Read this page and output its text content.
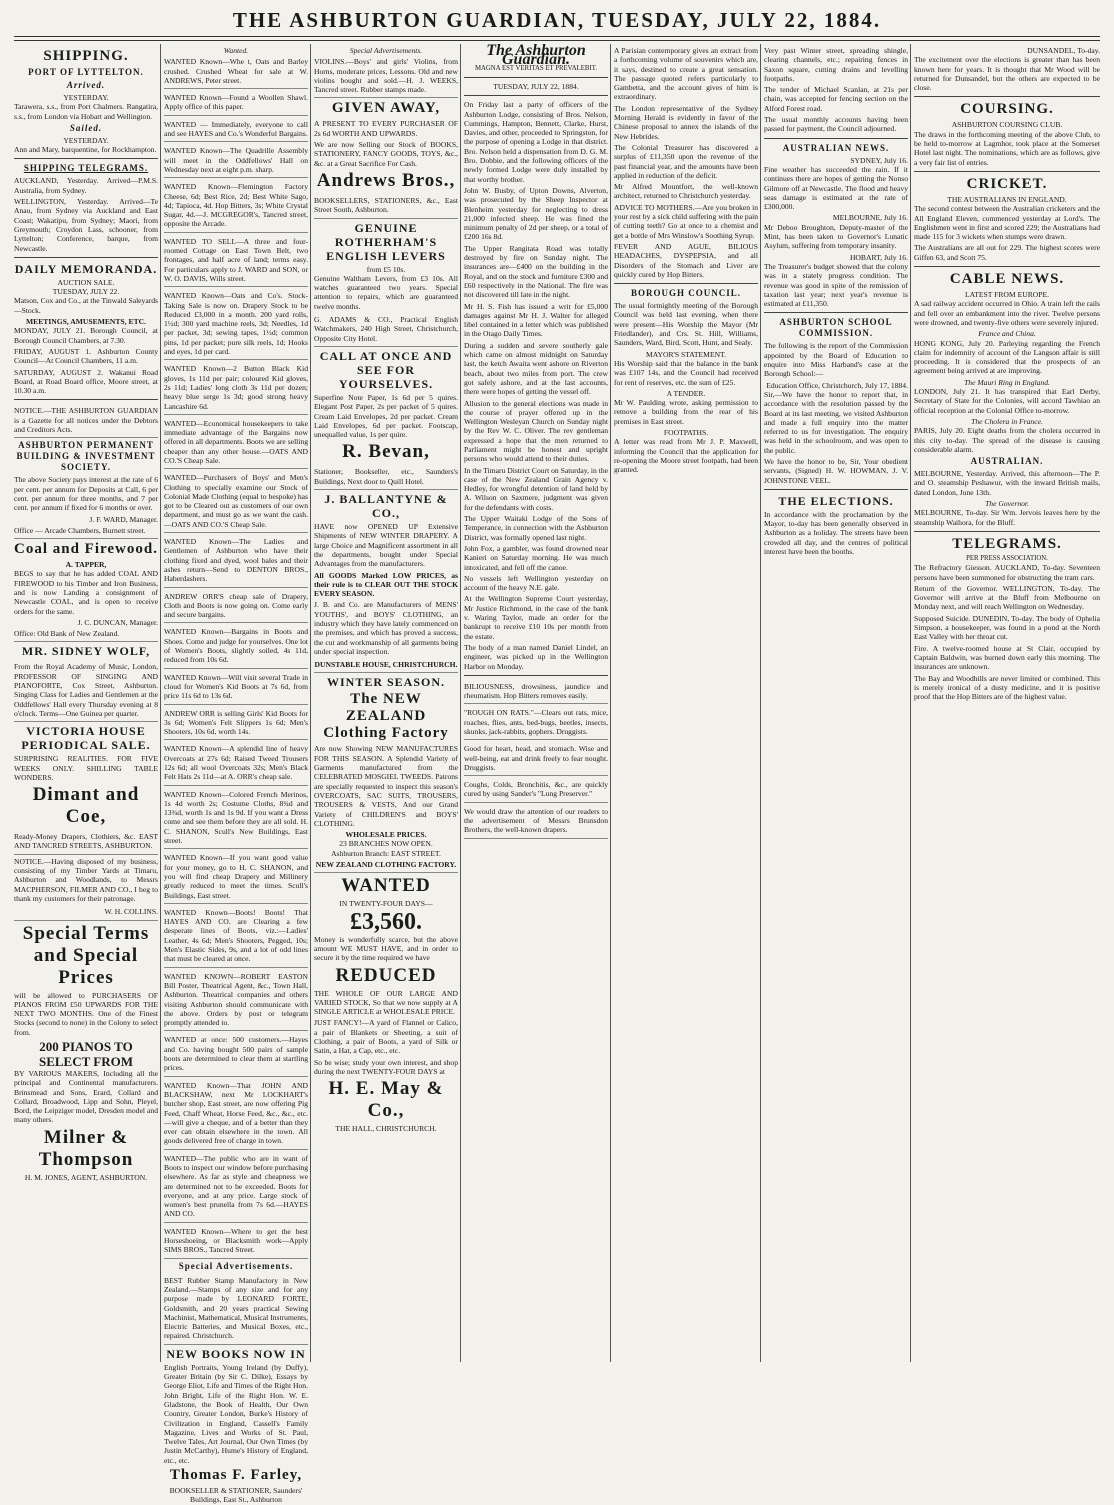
THE ASHBURTON GUARDIAN, TUESDAY, JULY 22, 1884.
SHIPPING.
PORT OF LYTTELTON.
Arrived.
YESTERDAY.

Tarawera, s.s., from Port Chalmers. Rangatira, s.s., from London via Hobart and Wellington.

Sailed.
YESTERDAY.

Ann and Mary, barquentine, for Rockhampton.

SHIPPING TELEGRAMS.

AUCKLAND, Yesterday. Arrived—P.M.S. Australia, from Sydney.

WELLINGTON, Yesterday. Arrived—Te Anau, from Sydney via Auckland and East Coast; Wakatipu, from Sydney; Maori, from Greymouth; Croydon Lass, schooner, from Lyttelton; Conference, barque, from Newcastle.

DAILY MEMORANDA.
AUCTION SALE.
TUESDAY, JULY 22.

Matson, Cox and Co., at the Tinwald Saleyards—Stock.

MEETINGS, AMUSEMENTS, ETC.

MONDAY, JULY 21. Borough Council, at Borough Council Chambers, at 7.30.

FRIDAY, AUGUST 1. Ashburton County Council—At Council Chambers, 11 a.m.

SATURDAY, AUGUST 2. Wakanui Road Board, at Road Board office, Moore street, at 10.30 a.m.

NOTICE.—THE ASHBURTON GUARDIAN is a Gazette for all notices under the Debtors and Creditors Acts.

ASHBURTON PERMANENT BUILDING & INVESTMENT SOCIETY.

The above Society pays interest at the rate of 6 per cent. per annum for Deposits at Call, 6 per cent. per annum for three months, and 7 per cent. per annum if fixed for 6 months or over.

J. F. WARD, Manager.

Office — Arcade Chambers, Burnett street.

Coal and Firewood.
A. TAPPER,

BEGS to say that he has added COAL AND FIREWOOD to his Timber and Iron Business, and is now Landing a consignment of Newcastle COAL, and is open to receive orders for the same.

J. C. DUNCAN, Manager.

Office: Old Bank of New Zealand.

MR. SIDNEY WOLF,

From the Royal Academy of Music, London, PROFESSOR OF SINGING AND PIANOFORTE, Cox Street, Ashburton. Singing Class for Ladies and Gentlemen at the Oddfellows' Hall every Thursday evening at 8 o'clock. Terms—One Guinea per quarter.

VICTORIA HOUSE PERIODICAL SALE.

SURPRISING REALITIES. FOR FIVE WEEKS ONLY. SHILLING TABLE WONDERS.

Dimant and Coe,

Ready-Money Drapers, Clothiers, &c. EAST AND TANCRED STREETS, ASHBURTON.

NOTICE.—Having disposed of my business, consisting of my Timber Yards at Timaru, Ashburton and Woodlands, to Messrs MACPHERSON, FILMER AND CO., I beg to thank my customers for their patronage.

W. H. COLLINS.
Special Terms and Special Prices

will be allowed to PURCHASERS OF PIANOS FROM £50 UPWARDS FOR THE NEXT TWO MONTHS. One of the Finest Stocks (second to none) in the Colony to select from.

200 PIANOS TO SELECT FROM

BY VARIOUS MAKERS, Including all the principal and Continental manufacturers. Brinsmead and Sons, Erard, Collard and Collard, Broadwood, Lipp and Sohn, Pleyel, Bord, the Leipziger model, Dresden model and many others.

Milner & Thompson
H. M. JONES, AGENT, ASHBURTON.
Wanted.

WANTED Known—Whe t, Oats and Barley crushed. Crushed Wheat for sale at W. ANDREWS, Peter street.

WANTED Known—Found a Woollen Shawl. Apply office of this paper.

WANTED — Immediately, everyone to call and see HAYES and Co.'s Wonderful Bargains.

WANTED Known—The Quadrille Assembly will meet in the Oddfellows' Hall on Wednesday next at eight p.m. sharp.

WANTED Known—Flemington Factory Cheese, 6d; Best Rice, 2d; Best White Sago, 4d; Tapioca, 4d. Hop Bitters, 3s; White Crystal Sugar, 4d.—J. MCGREGOR's, Tancred street, opposite the Arcade.

WANTED TO SELL—A three and four-roomed Cottage on East Town Belt, two frontages, and half acre of land; terms easy. For particulars apply to J. WARD and SON, or W. O. DAVIS, Wills street.

WANTED Known—Oats and Co's. Stock-Taking Sale is now on. Drapery Stock to be Reduced £3,000 in a month. 200 yard rolls, 1½d; 300 yard machine reels, 3d; Needles, 1d per packet, 3d; sewing tapes, 1½d; common pins, 1d per packet; pure silk reels, 1d; Hooks and eyes, 1d per card.

WANTED Known—2 Button Black Kid gloves, 1s 11d per pair; coloured Kid gloves, 2s 11d; Ladies' long cloth 3s 11d per dozen; heavy blue serge 1s 3d; good strong heavy Lancashire 6d.

WANTED—Economical housekeepers to take immediate advantage of the Bargains now offered in all departments. Boots we are selling cheaper than any other house.—OATS AND CO.'S Cheap Sale.

WANTED—Purchasers of Boys' and Men's Clothing to specially examine our Stock of Colonial Made Clothing (equal to bespoke) has got to be Cleared out as customers of our own department, and must go as we want the cash.—OATS AND CO.'S Cheap Sale.

WANTED Known—The Ladies and Gentlemen of Ashburton who have their clothing fixed and dyed, wool bales and their ashes return—Send to DENTON BROS., Haberdashers.

ANDREW ORR'S cheap sale of Drapery, Cloth and Boots is now going on. Come early and secure bargains.

WANTED Known—Bargains in Boots and Shoes. Come and judge for yourselves. One lot of Women's Boots, slightly soiled, 4s 11d, reduced from 10s 6d.

WANTED Known—Will visit several Trade in cloud for Women's Kid Boots at 7s 6d, from price 11s 6d to 13s 6d.

ANDREW ORR is selling Girls' Kid Boots for 3s 6d; Women's Felt Slippers 1s 6d; Men's Shooters, 10s 6d, worth 14s.

WANTED Known—A splendid line of heavy Overcoats at 27s 6d; Raised Tweed Trousers 12s 6d; all wool Overcoats 32s; Men's Black Felt Hats 2s 11d—at A. ORR's cheap sale.

WANTED Known—Colored French Merinos, 1s 4d worth 2s; Costume Cloths, 8¾d and 13¾d, worth 1s and 1s 9d. If you want a Dress come and see them before they are all sold. H. C. SHANON, Scull's New Buildings, East street.

WANTED Known—If you want good value for your money, go to H. C. SHANON, and you will find cheap Drapery and Millinery greatly reduced to meet the times. Scull's Buildings, East street.

WANTED Known—Boots! Boots! That HAYES AND CO. are Clearing a few desperate lines of Boots, viz.:—Ladies' Leather, 4s 6d; Men's Shooters, Pegged, 10s; Men's Elastic Sides, 9s, and a lot of odd lines that must be cleared at once.

WANTED KNOWN—ROBERT EASTON Bill Poster, Theatrical Agent, &c., Town Hall, Ashburton. Theatrical companies and others visiting Ashburton should communicate with the above. Orders by post or telegram promptly attended to.

WANTED at once: 500 customers.—Hayes and Co. having bought 500 pairs of sample boots are determined to clear them at startling prices.

WANTED Known—That JOHN AND BLACKSHAW, next Mr LOCKHART's butcher shop, East street, are now offering Pig Feed, Chaff Wheat, Horse Feed, &c., &c., etc.—will give a cheque, and of a better than they ever can obtain elsewhere in the town. All goods delivered free of charge in town.

WANTED—The public who are in want of Boots to inspect our window before purchasing elsewhere. As far as style and cheapness we are determined not to be exceeded. Boots for everyone, and at any price. Large stock of women's best prunella from 7s 6d.—HAYES AND CO.

WANTED Known—Where to get the best Horseshoeing, or Blacksmith work—Apply SIMS BROS., Tancred Street.

Special Advertisements.

BEST Rubber Stamp Manufactory in New Zealand.—Stamps of any size and for any purpose made by LEONARD FORTE, Goldsmith, and 20 years practical Sewing Machinist, Mathematical, Musical Instruments, Electric Batteries, and Musical Boxes, etc., repaired. Christchurch.

NEW BOOKS NOW IN

English Portraits, Young Ireland (by Duffy), Greater Britain (by Sir C. Dilke), Essays by George Eliot, Life and Times of the Right Hon. John Bright, Life of the Right Hon. W. E. Gladstone, the Book of Health, Our Own Country, Greater London, Burke's History of Civilization in England, Cassell's Family Magazine, Lives and Works of St. Paul, Twelve Tales, Art Journal, Our Own Times (by Justin McCarthy), Hume's History of England, etc., etc.

Thomas F. Farley,
BOOKSELLER & STATIONER, Saunders' Buildings, East St., Ashburton
Special Advertisements.

VIOLINS.—Boys' and girls' Violins, from Horns, moderate prices, Lessons. Old and new violins bought and sold.—H. J. WEEKS, Tancred street. Rubber stamps made.

GIVEN AWAY,

A PRESENT TO EVERY PURCHASER OF 2s 6d WORTH AND UPWARDS.

We are now Selling our Stock of BOOKS, STATIONERY, FANCY GOODS, TOYS, &c., &c. at a Great Sacrifice For Cash.

Andrews Bros.,

BOOKSELLERS, STATIONERS, &c., East Street South, Ashburton.

GENUINE ROTHERHAM'S ENGLISH LEVERS
from £5 10s.

Genuine Waltham Levers, from £3 10s. All watches guaranteed two years. Special attention to repairs, which are guaranteed twelve months.

G. ADAMS & CO., Practical English Watchmakers, 240 High Street, Christchurch, Opposite City Hotel.

CALL AT ONCE AND SEE FOR YOURSELVES.

Superfine Note Paper, 1s 6d per 5 quires. Elegant Post Paper, 2s per packet of 5 quires. Cream Laid Envelopes, 2d per packet. Cream Laid Envelopes, 6d per packet. Footscap, unequalled value, 1s per quire.

R. Bevan,

Stationer, Bookseller, etc., Saunders's Buildings, Next door to Quill Hotel.

J. BALLANTYNE & CO.,

HAVE now OPENED UP Extensive Shipments of NEW WINTER DRAPERY. A large Choice and Magnificent assortment in all the departments, bought under Special Advantages from the manufacturers.

All GOODS Marked LOW PRICES, as their rule is to CLEAR OUT THE STOCK EVERY SEASON.

J. B. and Co. are Manufacturers of MENS' YOUTHS', and BOYS' CLOTHING, an industry which they have lately commenced on the premises, and which has proved a success, the cut and workmanship of all garments being under special inspection.

DUNSTABLE HOUSE, CHRISTCHURCH.
WINTER SEASON.
The NEW ZEALAND Clothing Factory

Are now Showing NEW MANUFACTURES FOR THIS SEASON. A Splendid Variety of Garments manufactured from the CELEBRATED MOSGIEL TWEEDS. Patrons are specially requested to inspect this season's OVERCOATS, SAC SUITS, TROUSERS, TROUSERS & VESTS, And our Grand Variety of CHILDREN'S and BOYS' CLOTHING.

WHOLESALE PRICES.
23 BRANCHES NOW OPEN.
Ashburton Branch: EAST STREET.
NEW ZEALAND CLOTHING FACTORY.
WANTED
IN TWENTY-FOUR DAYS—
£3,560.

Money is wonderfully scarce, but the above amount WE MUST HAVE, and in order to secure it by the time required we have

REDUCED

THE WHOLE OF OUR LARGE AND VARIED STOCK, So that we now supply at A SINGLE ARTICLE at WHOLESALE PRICE.

JUST FANCY!—A yard of Flannel or Calico, a pair of Blankets or Sheeting, a suit of Clothing, a pair of Boots, a yard of Silk or Satin, a Hat, a Cap, etc., etc.

So be wise; study your own interest, and shop during the next TWENTY-FOUR DAYS at

H. E. May & Co.,
THE HALL, CHRISTCHURCH.
The Ashburton Guardian.
MAGNA EST VERITAS ET PREVALEBIT.
TUESDAY, JULY 22, 1884.

On Friday last a party of officers of the Ashburton Lodge, consisting of Bros. Nelson, Cummings, Hampton, Bennett, Clarke, Hurst, Davies, and other, proceeded to Springston, for the purpose of opening a Lodge in that district. Bro. Nelson held a dispensation from D. G. M. Bro. Dobbie, and the following officers of the newly formed Lodge were duly installed by that worthy brother.

John W. Busby, of Upton Downs, Alverton, was prosecuted by the Sheep Inspector at Blenheim yesterday for neglecting to dress 21,000 infected sheep. He was fined the minimum penalty of 2d per sheep, or a total of £200 16s 8d.

The Upper Rangitata Road was totally destroyed by fire on Sunday night. The insurances are—£400 on the building in the Royal, and on the stock and furniture £300 and £60 respectively in the National. The fire was not discovered till late in the night.

Mr H. S. Fish has issued a writ for £5,000 damages against Mr H. J. Walter for alleged libel contained in a letter which was published in the Otago Daily Times.

During a sudden and severe southerly gale which came on almost midnight on Saturday last, the ketch Awaita went ashore on Riverton beach, about two miles from port. The crew got safely ashore, and at the last accounts, there were hopes of getting the vessel off.

Allusion to the general elections was made in the course of prayer offered up in the Wellington Wesleyan Church on Sunday night by the Rev W. C. Oliver. The rev gentleman expressed a hope that the men returned to Parliament might be honest and upright persons who would attend to their duties.

In the Timaru District Court on Saturday, in the case of the New Zealand Grain Agency v. Hedley, for wrongful detention of land held by A. Wilson on Saxmere, judgment was given for the defendants with costs.

The Upper Waitaki Lodge of the Sons of Temperance, in connection with the Ashburton District, was formally opened last night.

John Fox, a gambler, was found drowned near Kanieri on Saturday morning. He was much intoxicated, and fell off the canoe.

No vessels left Wellington yesterday on account of the heavy N.E. gale.

At the Wellington Supreme Court yesterday, Mr Justice Richmond, in the case of the bank v. Waring Taylor, made an order for the bankrupt to receive £10 10s per month from the estate.

The body of a man named Daniel Lindel, an engineer, was picked up in the Wellington Harbor on Monday.

BILIOUSNESS, drowsiness, jaundice and rheumatism. Hop Bitters removes easily.

"ROUGH ON RATS."—Clears out rats, mice, roaches, flies, ants, bed-bugs, beetles, insects, skunks, jack-rabbits, gophers. Druggists.

Good for heart, head, and stomach. Wise and well-being, eat and drink freely to fear nought. Druggists.

Coughs, Colds, Bronchitis, &c., are quickly cured by using Sander's "Lung Preserver."

We would draw the attention of our readers to the advertisement of Messrs Brunsdon Brothers, the well-known drapers.

A Parisian contemporary gives an extract from a forthcoming volume of souvenirs which are, it says, destined to create a great sensation. The passage quoted refers particularly to Gambetta, and the account gives of him is extraordinary.

The London representative of the Sydney Morning Herald is evidently in favor of the Chinese proposal to annex the islands of the New Hebrides.

The Colonial Treasurer has discovered a surplus of £11,350 upon the revenue of the past financial year, and the amounts have been applied in reduction of the deficit.

Mr Alfred Mountfort, the well-known architect, returned to Christchurch yesterday.

ADVICE TO MOTHERS.—Are you broken in your rest by a sick child suffering with the pain of cutting teeth? Go at once to a chemist and get a bottle of Mrs Winslow's Soothing Syrup.

FEVER AND AGUE, BILIOUS HEADACHES, DYSPEPSIA, and all Disorders of the Stomach and Liver are quickly cured by Hop Bitters.

BOROUGH COUNCIL.

The usual fortnightly meeting of the Borough Council was held last evening, when there were present—His Worship the Mayor (Mr Friedlander), and Crs. St. Hill, Williams, Saunders, Ward, Bird, Scott, Hunt, and Sealy.

MAYOR'S STATEMENT.

His Worship said that the balance in the bank was £107 14s, and the Council had received for rent of reserves, etc. the sum of £25.

A TENDER.

Mr W. Paulding wrote, asking permission to remove a building from the rear of his premises in East street.

FOOTPATHS.

A letter was read from Mr J. P. Maxwell, informing the Council that the application for re-opening the Moore street footpath, had been granted.

Very past Winter street, spreading shingle, clearing channels, etc.; repairing fences in Saxon square, cutting drains and levelling footpaths.

The tender of Michael Scanlan, at 21s per chain, was accepted for fencing section on the Alford Forest road.

The usual monthly accounts having been passed for payment, the Council adjourned.

AUSTRALIAN NEWS.
SYDNEY, July 16.

Fine weather has succeeded the rain. If it continues there are hopes of getting the Nonso Gilmore off at Newcastle. The flood and heavy seas damage is estimated at the rate of £300,000.

MELBOURNE, July 16.

Mr Deboo Broughton, Deputy-master of the Mint, has been taken to Governor's Lunatic Asylum, suffering from temporary insanity.

HOBART, July 16.

The Treasurer's budget showed that the colony was in a stately progress condition. The revenue was good in spite of the remission of taxation last year; next year's revenue is estimated at £11,350.

ASHBURTON SCHOOL COMMISSION.

The following is the report of the Commission appointed by the Board of Education to enquire into Miss Harband's case at the Borough School:—

Education Office, Christchurch, July 17, 1884.

Sir,—We have the honor to report that, in accordance with the resolution passed by the Board at its last meeting, we visited Ashburton and made a full enquiry into the matter referred to us for investigation. The enquiry was held in the schoolroom, and was open to the public.

We have the honor to be, Sir, Your obedient servants, (Signed) H. W. HOWMAN, J. V. JOHNSTONE VEEL.

THE ELECTIONS.

In accordance with the proclamation by the Mayor, to-day has been generally observed in Ashburton as a holiday. The streets have been crowded all day, and the centres of political interest have been the booths.

DUNSANDEL, To-day.

The excitement over the elections is greater than has been known here for years. It is thought that Mr Wood will be returned for Dunsandel, but the others are expected to be close.

COURSING.
ASHBURTON COURSING CLUB.

The draws in the forthcoming meeting of the above Club, to be held to-morrow at Lagmhor, took place at the Somerset Hotel last night. The nominations, which are as follows, give a very fair list of entries.

CRICKET.
THE AUSTRALIANS IN ENGLAND.

The second contest between the Australian cricketers and the All England Eleven, commenced yesterday at Lord's. The Englishmen went in first and scored 229; the Australians had made 115 for 3 wickets when stumps were drawn.

The Australians are all out for 229. The highest scores were Giffen 63, and Scott 75.

CABLE NEWS.
LATEST FROM EUROPE.

A sad railway accident occurred in Ohio. A train left the rails and fell over an embankment into the river. Twelve persons were drowned, and twenty-five others were severely injured.

France and China.

HONG KONG, July 20. Parleying regarding the French claim for indemnity of account of the Langson affair is still proceeding. It is considered that the prospects of an agreement being arrived at are improving.

The Mauri Ring in England.

LONDON, July 21. It has transpired that Earl Derby, Secretary of State for the Colonies, will accord Tawhiao an official reception at the Colonial Office to-morrow.

The Cholera in France.

PARIS, July 20. Eight deaths from the cholera occurred in this city to-day. The spread of the disease is causing considerable alarm.

AUSTRALIAN.

MELBOURNE, Yesterday. Arrived, this afternoon—The P. and O. steamship Peshawur, with the inward British mails, dated London, June 13th.

The Governor.

MELBOURNE, To-day. Sir Wm. Jervois leaves here by the steamship Waihora, for the Bluff.

TELEGRAMS.
PER PRESS ASSOCIATION.

The Refractory Giesson. AUCKLAND, To-day. Seventeen persons have been summoned for obstructing the tram cars.

Return of the Governor. WELLINGTON, To-day. The Governor will arrive at the Bluff from Melbourne on Monday next, and will reach Wellington on Wednesday.

Supposed Suicide. DUNEDIN, To-day. The body of Ophelia Simpson, a housekeeper, was found in a pond at the North East Valley with her throat cut.

Fire. A twelve-roomed house at St Clair, occupied by Captain Baldwin, was burned down early this morning. The insurances are unknown.

The Bay and Woodhills are never limited or combined. This is merely ironical of a dusty medicine, and it is positive proof that the Hop Bitters are of the highest value.
